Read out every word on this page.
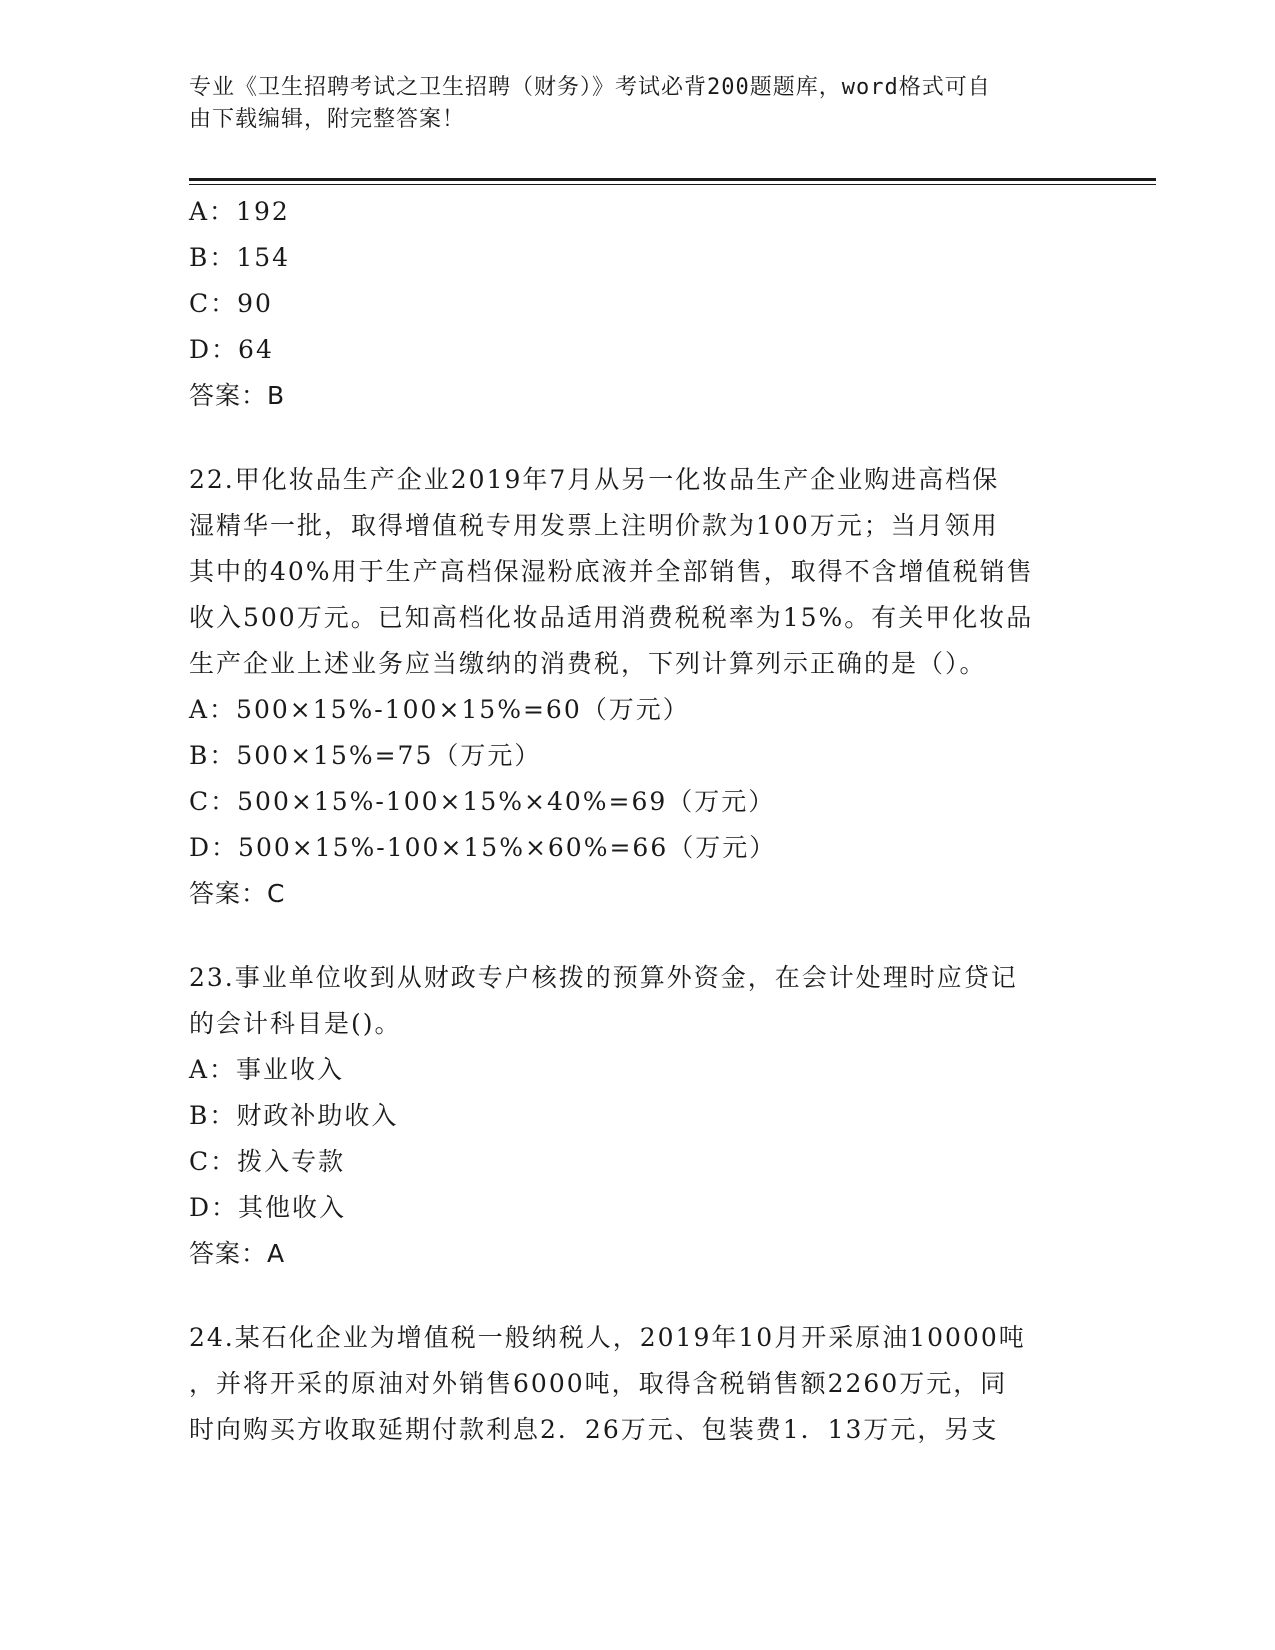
专业《卫生招聘考试之卫生招聘（财务）》考试必背200题题库，word格式可自
由下载编辑，附完整答案！
A：192
B：154
C：90
D：64
答案：B
22.甲化妆品生产企业2019年7月从另一化妆品生产企业购进高档保
湿精华一批，取得增值税专用发票上注明价款为100万元；当月领用
其中的40%用于生产高档保湿粉底液并全部销售，取得不含增值税销售
收入500万元。已知高档化妆品适用消费税税率为15%。有关甲化妆品
生产企业上述业务应当缴纳的消费税，下列计算列示正确的是（）。
A：500×15%-100×15%=60（万元）
B：500×15%=75（万元）
C：500×15%-100×15%×40%=69（万元）
D：500×15%-100×15%×60%=66（万元）
答案：C
23.事业单位收到从财政专户核拨的预算外资金，在会计处理时应贷记
的会计科目是()。
A：事业收入
B：财政补助收入
C：拨入专款
D：其他收入
答案：A
24.某石化企业为增值税一般纳税人，2019年10月开采原油10000吨
，并将开采的原油对外销售6000吨，取得含税销售额2260万元，同
时向购买方收取延期付款利息2．26万元、包装费1．13万元，另支
